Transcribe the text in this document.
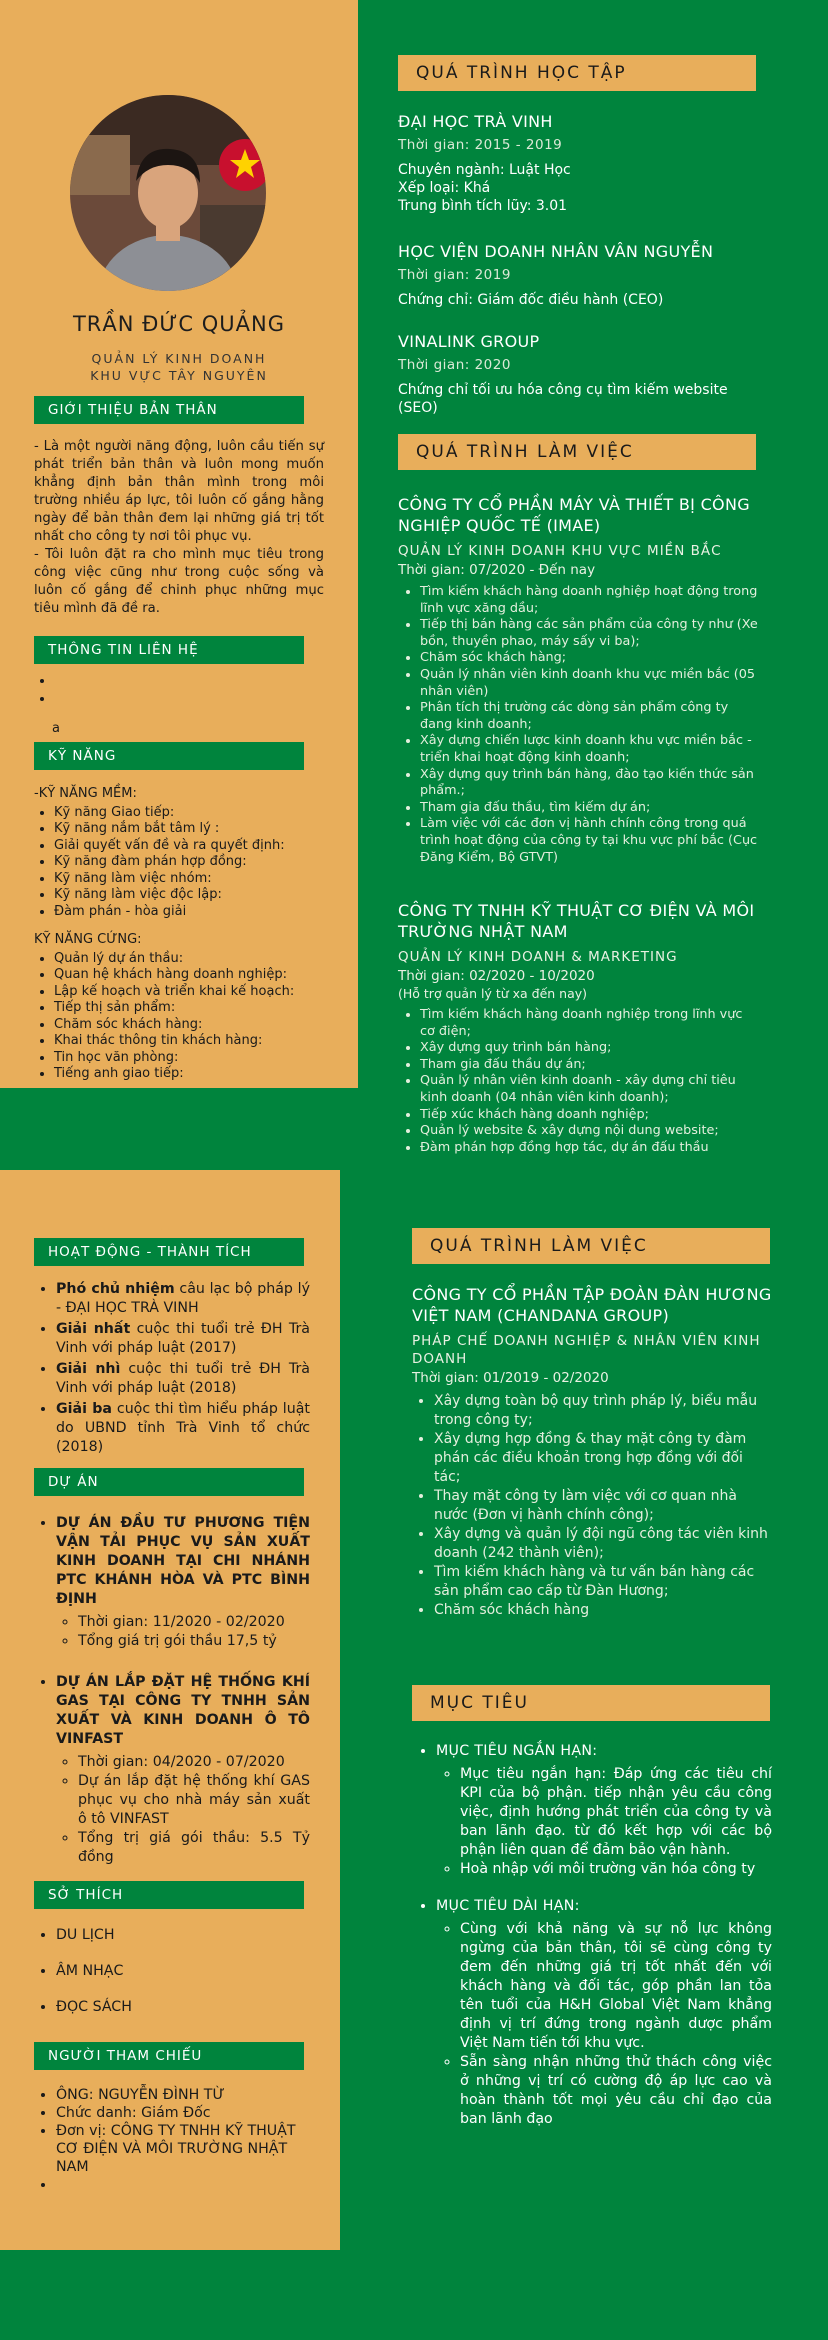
TRẦN ĐỨC QUẢNG
QUẢN LÝ KINH DOANH
KHU VỰC TÂY NGUYÊN
GIỚI THIỆU BẢN THÂN

- Là một người năng động, luôn cầu tiến sự phát triển bản thân và luôn mong muốn khẳng định bản thân mình trong môi trường nhiều áp lực, tôi luôn cố gắng hằng ngày để bản thân đem lại những giá trị tốt nhất cho công ty nơi tôi phục vụ.

- Tôi luôn đặt ra cho mình mục tiêu trong công việc cũng như trong cuộc sống và luôn cố gắng để chinh phục những mục tiêu mình đã đề ra.

THÔNG TIN LIÊN HỆ
•
•
a
KỸ NĂNG
-KỸ NĂNG MỀM:
• Kỹ năng Giao tiếp:
• Kỹ năng nắm bắt tâm lý :
• Giải quyết vấn đề và ra quyết định:
• Kỹ năng đàm phán hợp đồng:
• Kỹ năng làm việc nhóm:
• Kỹ năng làm việc độc lập:
• Đàm phán - hòa giải
KỸ NĂNG CỨNG:
• Quản lý dự án thầu:
• Quan hệ khách hàng doanh nghiệp:
• Lập kế hoạch và triển khai kế hoạch:
• Tiếp thị sản phẩm:
• Chăm sóc khách hàng:
• Khai thác thông tin khách hàng:
• Tin học văn phòng:
• Tiếng anh giao tiếp:
QUÁ TRÌNH HỌC TẬP

ĐẠI HỌC TRÀ VINH

Thời gian: 2015 - 2019

Chuyên ngành: Luật Học

Xếp loại: Khá

Trung bình tích lũy: 3.01

HỌC VIỆN DOANH NHÂN VÂN NGUYỄN

Thời gian: 2019

Chứng chỉ: Giám đốc điều hành (CEO)

VINALINK GROUP

Thời gian: 2020

Chứng chỉ tối ưu hóa công cụ tìm kiếm website (SEO)

QUÁ TRÌNH LÀM VIỆC

CÔNG TY CỔ PHẦN MÁY VÀ THIẾT BỊ CÔNG NGHIỆP QUỐC TẾ (IMAE)

QUẢN LÝ KINH DOANH KHU VỰC MIỀN BẮC

Thời gian: 07/2020 - Đến nay

• Tìm kiếm khách hàng doanh nghiệp hoạt động trong lĩnh vực xăng dầu;
• Tiếp thị bán hàng các sản phẩm của công ty như (Xe bồn, thuyền phao, máy sấy vi ba);
• Chăm sóc khách hàng;
• Quản lý nhân viên kinh doanh khu vực miền bắc (05 nhân viên)
• Phân tích thị trường các dòng sản phẩm công ty đang kinh doanh;
• Xây dựng chiến lược kinh doanh khu vực miền bắc - triển khai hoạt động kinh doanh;
• Xây dựng quy trình bán hàng, đào tạo kiến thức sản phẩm.;
• Tham gia đấu thầu, tìm kiếm dự án;
• Làm việc với các đơn vị hành chính công trong quá trình hoạt động của công ty tại khu vực phí bắc (Cục Đăng Kiểm, Bộ GTVT)

CÔNG TY TNHH KỸ THUẬT CƠ ĐIỆN VÀ MÔI TRƯỜNG NHẬT NAM

QUẢN LÝ KINH DOANH & MARKETING

Thời gian: 02/2020 - 10/2020

(Hỗ trợ quản lý từ xa đến nay)

• Tìm kiếm khách hàng doanh nghiệp trong lĩnh vực cơ điện;
• Xây dựng quy trình bán hàng;
• Tham gia đấu thầu dự án;
• Quản lý nhân viên kinh doanh - xây dựng chỉ tiêu kinh doanh (04 nhân viên kinh doanh);
• Tiếp xúc khách hàng doanh nghiệp;
• Quản lý website & xây dựng nội dung website;
• Đàm phán hợp đồng hợp tác, dự án đấu thầu
HOẠT ĐỘNG - THÀNH TÍCH
• Phó chủ nhiệm câu lạc bộ pháp lý - ĐẠI HỌC TRÀ VINH
• Giải nhất cuộc thi tuổi trẻ ĐH Trà Vinh với pháp luật (2017)
• Giải nhì cuộc thi tuổi trẻ ĐH Trà Vinh với pháp luật (2018)
• Giải ba cuộc thi tìm hiểu pháp luật do UBND tỉnh Trà Vinh tổ chức (2018)
DỰ ÁN
• DỰ ÁN ĐẦU TƯ PHƯƠNG TIỆN VẬN TẢI PHỤC VỤ SẢN XUẤT KINH DOANH TẠI CHI NHÁNH PTC KHÁNH HÒA VÀ PTC BÌNH ĐỊNH
◦ Thời gian: 11/2020 - 02/2020
◦ Tổng giá trị gói thầu 17,5 tỷ
• DỰ ÁN LẮP ĐẶT HỆ THỐNG KHÍ GAS TẠI CÔNG TY TNHH SẢN XUẤT VÀ KINH DOANH Ô TÔ VINFAST
◦ Thời gian: 04/2020 - 07/2020
◦ Dự án lắp đặt hệ thống khí GAS phục vụ cho nhà máy sản xuất ô tô VINFAST
◦ Tổng trị giá gói thầu: 5.5 Tỷ đồng
SỞ THÍCH
• DU LỊCH
• ÂM NHẠC
• ĐỌC SÁCH
NGƯỜI THAM CHIẾU
• ÔNG: NGUYỄN ĐÌNH TỪ
• Chức danh: Giám Đốc
• Đơn vị: CÔNG TY TNHH KỸ THUẬT CƠ ĐIỆN VÀ MÔI TRƯỜNG NHẬT NAM
•
QUÁ TRÌNH LÀM VIỆC

CÔNG TY CỔ PHẦN TẬP ĐOÀN ĐÀN HƯƠNG VIỆT NAM (CHANDANA GROUP)

PHÁP CHẾ DOANH NGHIỆP & NHÂN VIÊN KINH DOANH

Thời gian: 01/2019 - 02/2020

• Xây dựng toàn bộ quy trình pháp lý, biểu mẫu trong công ty;
• Xây dựng hợp đồng & thay mặt công ty đàm phán các điều khoản trong hợp đồng với đối tác;
• Thay mặt công ty làm việc với cơ quan nhà nước (Đơn vị hành chính công);
• Xây dựng và quản lý đội ngũ công tác viên kinh doanh (242 thành viên);
• Tìm kiếm khách hàng và tư vấn bán hàng các sản phẩm cao cấp từ Đàn Hương;
• Chăm sóc khách hàng
MỤC TIÊU
• MỤC TIÊU NGẮN HẠN:
◦ Mục tiêu ngắn hạn: Đáp ứng các tiêu chí KPI của bộ phận. tiếp nhận yêu cầu công việc, định hướng phát triển của công ty và ban lãnh đạo. từ đó kết hợp với các bộ phận liên quan để đảm bảo vận hành.
◦ Hoà nhập với môi trường văn hóa công ty
• MỤC TIÊU DÀI HẠN:
◦ Cùng với khả năng và sự nỗ lực không ngừng của bản thân, tôi sẽ cùng công ty đem đến những giá trị tốt nhất đến với khách hàng và đối tác, góp phần lan tỏa tên tuổi của H&H Global Việt Nam khẳng định vị trí đứng trong ngành dược phẩm Việt Nam tiến tới khu vực.
◦ Sẵn sàng nhận những thử thách công việc ở những vị trí có cường độ áp lực cao và hoàn thành tốt mọi yêu cầu chỉ đạo của ban lãnh đạo
